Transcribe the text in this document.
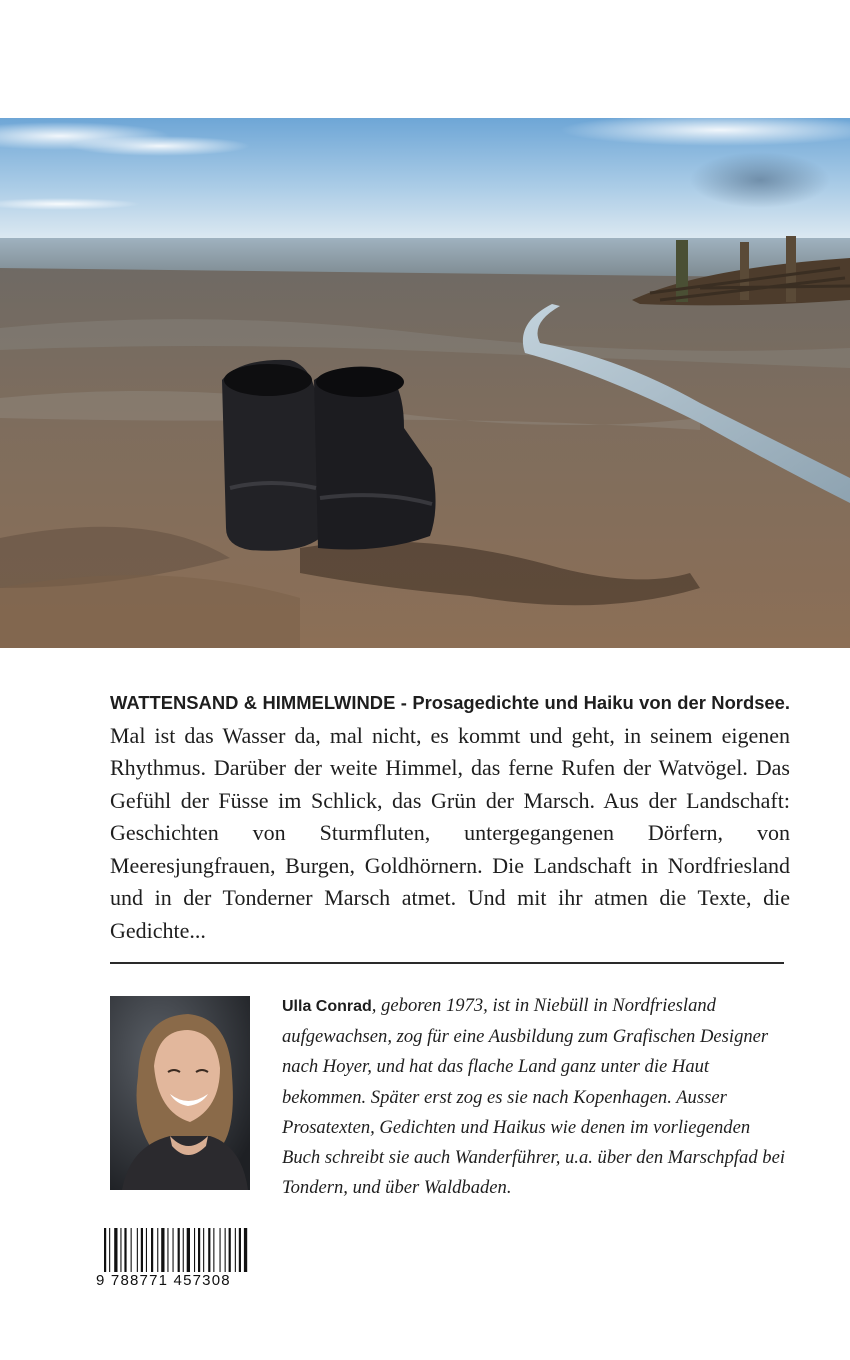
WATTENSAND & HIMMELWINDE - Prosagedichte und Haiku von der Nordsee. Mal ist das Wasser da, mal nicht, es kommt und geht, in seinem eigenen Rhythmus. Darüber der weite Himmel, das ferne Rufen der Watvögel. Das Gefühl der Füsse im Schlick, das Grün der Marsch. Aus der Landschaft: Geschichten von Sturmfluten, untergegangenen Dörfern, von Meeresjungfrauen, Burgen, Goldhörnern. Die Landschaft in Nordfriesland und in der Tonderner Marsch atmet. Und mit ihr atmen die Texte, die Gedichte...

Ulla Conrad, geboren 1973, ist in Niebüll in Nordfriesland aufgewachsen, zog für eine Ausbildung zum Grafischen Designer nach Hoyer, und hat das flache Land ganz unter die Haut bekommen. Später erst zog es sie nach Kopenhagen. Ausser Prosatexten, Gedichten und Haikus wie denen im vorliegenden Buch schreibt sie auch Wanderführer, u.a. über den Marschpfad bei Tondern, und über Waldbaden.

9 788771 457308
